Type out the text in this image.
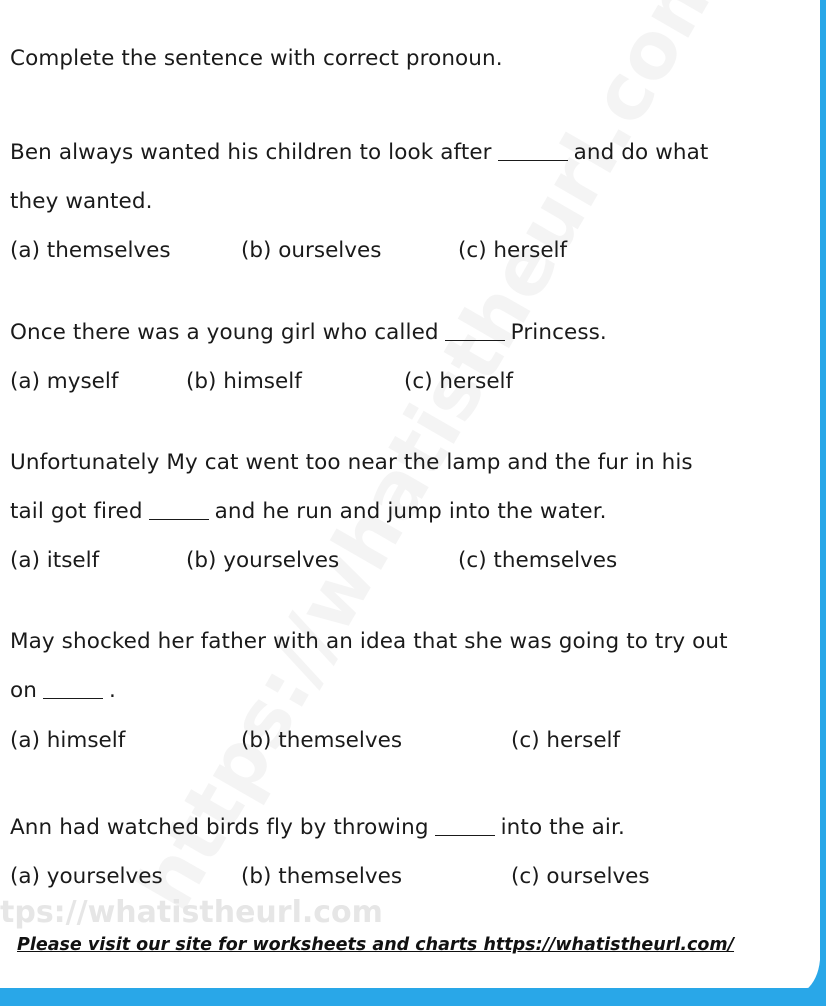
Complete the sentence with correct pronoun.
Ben always wanted his children to look after	and do what
they wanted.
(a) themselves	(b) ourselves	(c) herself
Once there was a young girl who called	Princess.
(a) myself	(b) himself	(c) herself
Unfortunately My cat went too near the lamp and the fur in his
tail got fired	and he run and jump into the water.
(a) itself	(b) yourselves	(c) themselves
May shocked her father with an idea that she was going to try out
on	.
(a) himself	(b) themselves	(c) herself
Ann had watched birds fly by throwing	into the air.
(a) yourselves	(b) themselves	(c) ourselves
tps://whatistheurl.com
Please visit our site for worksheets and charts https://whatistheurl.com/
